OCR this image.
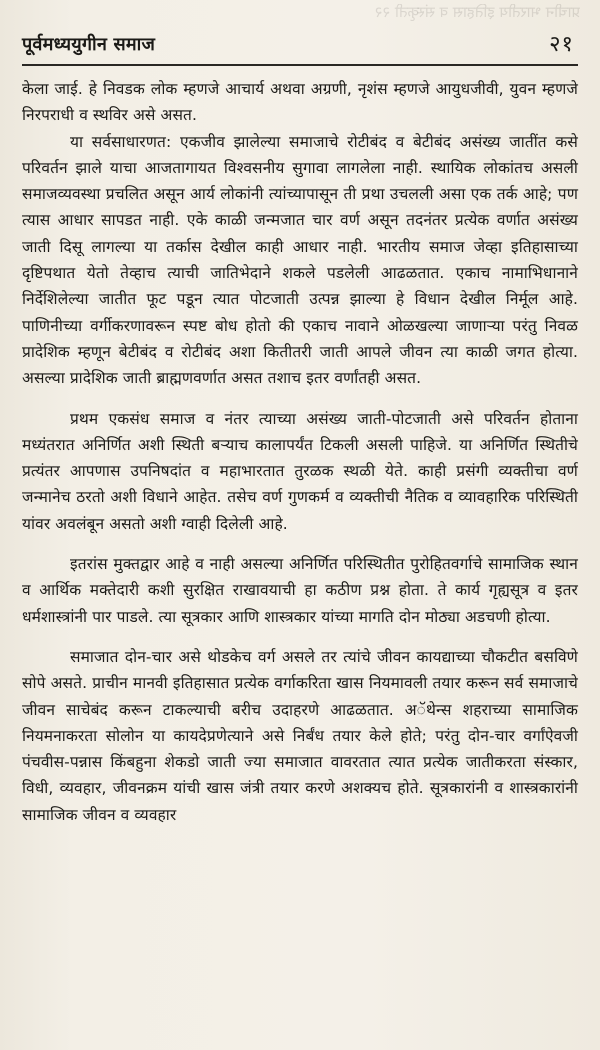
प्राचीन भारतीय इतिहास व संस्कृती २२
पूर्वमध्ययुगीन समाज	२१

केला जाई. हे निवडक लोक म्हणजे आचार्य अथवा अग्रणी, नृशंस म्हणजे आयुधजीवी, युवन म्हणजे निरपराधी व स्थविर असे असत.

या सर्वसाधारणत: एकजीव झालेल्या समाजाचे रोटीबंद व बेटीबंद असंख्य जातींत कसे परिवर्तन झाले याचा आजतागायत विश्वसनीय सुगावा लागलेला नाही. स्थायिक लोकांतच असली समाजव्यवस्था प्रचलित असून आर्य लोकांनी त्यांच्यापासून ती प्रथा उचलली असा एक तर्क आहे; पण त्यास आधार सापडत नाही. एके काळी जन्मजात चार वर्ण असून तदनंतर प्रत्येक वर्णात असंख्य जाती दिसू लागल्या या तर्कास देखील काही आधार नाही. भारतीय समाज जेव्हा इतिहासाच्या दृष्टिपथात येतो तेव्हाच त्याची जातिभेदाने शकले पडलेली आढळतात. एकाच नामाभिधानाने निर्देशिलेल्या जातीत फूट पडून त्यात पोटजाती उत्पन्न झाल्या हे विधान देखील निर्मूल आहे. पाणिनीच्या वर्गीकरणावरून स्पष्ट बोध होतो की एकाच नावाने ओळखल्या जाणाऱ्या परंतु निवळ प्रादेशिक म्हणून बेटीबंद व रोटीबंद अशा कितीतरी जाती आपले जीवन त्या काळी जगत होत्या. असल्या प्रादेशिक जाती ब्राह्मणवर्णात असत तशाच इतर वर्णांतही असत.

प्रथम एकसंध समाज व नंतर त्याच्या असंख्य जाती-पोटजाती असे परिवर्तन होताना मध्यंतरात अनिर्णित अशी स्थिती बऱ्याच कालापर्यंत टिकली असली पाहिजे. या अनिर्णित स्थितीचे प्रत्यंतर आपणास उपनिषदांत व महाभारतात तुरळक स्थळी येते. काही प्रसंगी व्यक्तीचा वर्ण जन्मानेच ठरतो अशी विधाने आहेत. तसेच वर्ण गुणकर्म व व्यक्तीची नैतिक व व्यावहारिक परिस्थिती यांवर अवलंबून असतो अशी ग्वाही दिलेली आहे.

इतरांस मुक्तद्वार आहे व नाही असल्या अनिर्णित परिस्थितीत पुरोहितवर्गाचे सामाजिक स्थान व आर्थिक मक्तेदारी कशी सुरक्षित राखावयाची हा कठीण प्रश्न होता. ते कार्य गृह्यसूत्र व इतर धर्मशास्त्रांनी पार पाडले. त्या सूत्रकार आणि शास्त्रकार यांच्या मागति दोन मोठ्या अडचणी होत्या.

समाजात दोन-चार असे थोडकेच वर्ग असले तर त्यांचे जीवन कायद्याच्या चौकटीत बसविणे सोपे असते. प्राचीन मानवी इतिहासात प्रत्येक वर्गाकरिता खास नियमावली तयार करून सर्व समाजाचे जीवन साचेबंद करून टाकल्याची बरीच उदाहरणे आढळतात. अॅथेन्स शहराच्या सामाजिक नियमनाकरता सोलोन या कायदेप्रणेत्याने असे निर्बंध तयार केले होते; परंतु दोन-चार वर्गांऐवजी पंचवीस-पन्नास किंबहुना शेकडो जाती ज्या समाजात वावरतात त्यात प्रत्येक जातीकरता संस्कार, विधी, व्यवहार, जीवनक्रम यांची खास जंत्री तयार करणे अशक्यच होते. सूत्रकारांनी व शास्त्रकारांनी सामाजिक जीवन व व्यवहार
